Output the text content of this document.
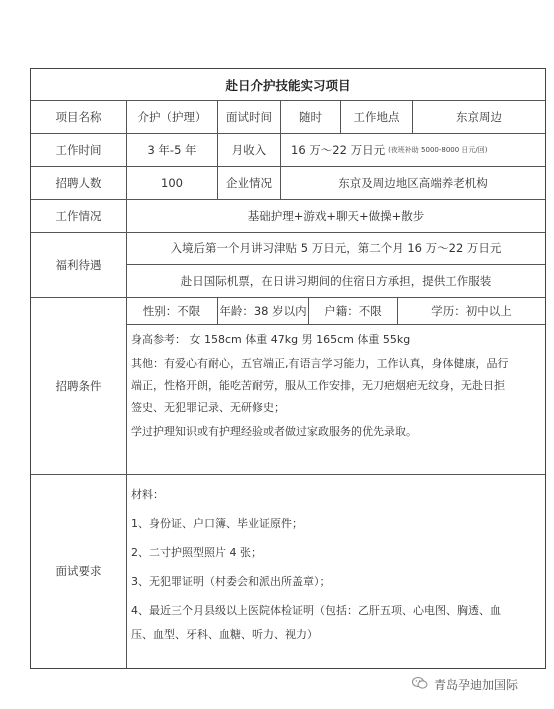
赴日介护技能实习项目
项目名称	介护（护理）	面试时间	随时	工作地点	东京周边
工作时间	3 年-5 年	月收入	16 万～22 万日元 (夜班补助 5000-8000 日元/回)
招聘人数	100	企业情况	东京及周边地区高端养老机构
工作情况	基础护理+游戏+聊天+做操+散步
福利待遇
入境后第一个月讲习津贴 5 万日元，第二个月 16 万～22 万日元
赴日国际机票，在日讲习期间的住宿日方承担，提供工作服装
招聘条件
性别：不限	年龄：38 岁以内	户籍：不限	学历：初中以上
身高参考： 女 158cm 体重 47kg 男 165cm 体重 55kg
其他：有爱心有耐心，五官端正,有语言学习能力，工作认真，身体健康，品行
端正，性格开朗，能吃苦耐劳，服从工作安排，无刀疤烟疤无纹身，无赴日拒
签史、无犯罪记录、无研修史；
学过护理知识或有护理经验或者做过家政服务的优先录取。
面试要求
材料：
1、身份证、户口簿、毕业证原件；
2、二寸护照型照片 4 张；
3、无犯罪证明（村委会和派出所盖章）；
4、最近三个月县级以上医院体检证明（包括：乙肝五项、心电图、胸透、血
压、血型、牙科、血糖、听力、视力）
青岛孕迪加国际
